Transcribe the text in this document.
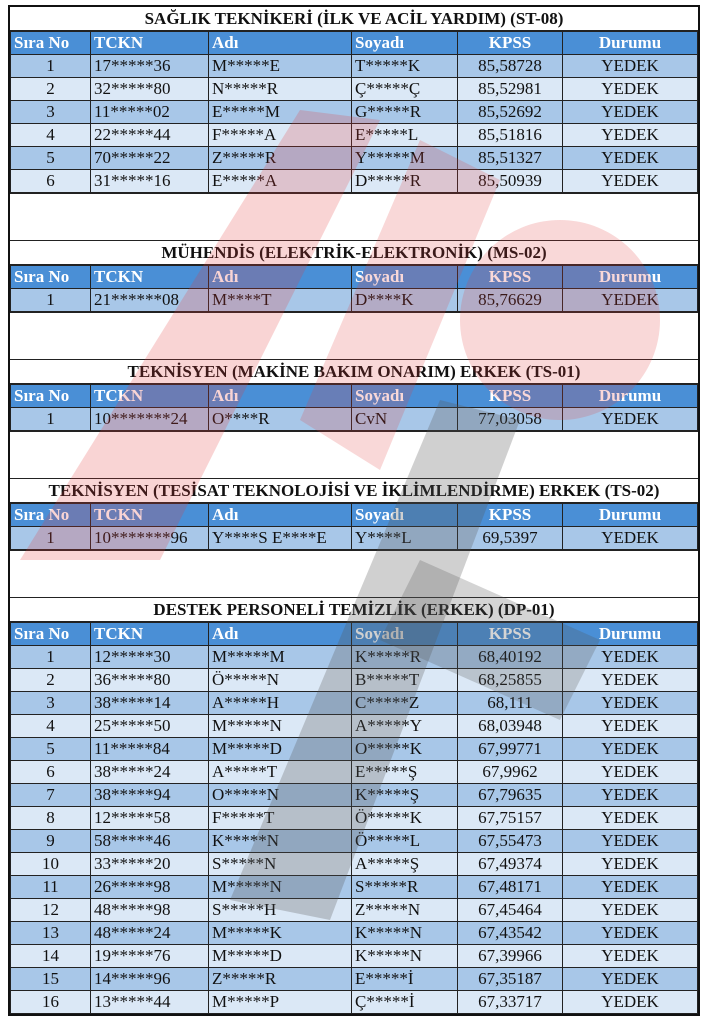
SAĞLIK TEKNİKERİ (İLK VE ACİL YARDIM) (ST-08)
Sıra No	TCKN	Adı	Soyadı	KPSS	Durumu
1	17*****36	M*****E	T*****K	85,58728	YEDEK
2	32*****80	N*****R	Ç*****Ç	85,52981	YEDEK
3	11*****02	E*****M	G*****R	85,52692	YEDEK
4	22*****44	F*****A	E*****L	85,51816	YEDEK
5	70*****22	Z*****R	Y*****M	85,51327	YEDEK
6	31*****16	E*****A	D*****R	85,50939	YEDEK
MÜHENDİS (ELEKTRİK-ELEKTRONİK) (MS-02)
Sıra No	TCKN	Adı	Soyadı	KPSS	Durumu
1	21******08	M****T	D****K	85,76629	YEDEK
TEKNİSYEN (MAKİNE BAKIM ONARIM) ERKEK (TS-01)
Sıra No	TCKN	Adı	Soyadı	KPSS	Durumu
1	10*******24	O****R	CvN	77,03058	YEDEK
TEKNİSYEN (TESİSAT TEKNOLOJİSİ VE İKLİMLENDİRME) ERKEK (TS-02)
Sıra No	TCKN	Adı	Soyadı	KPSS	Durumu
1	10*******96	Y****S E****E	Y****L	69,5397	YEDEK
DESTEK PERSONELİ TEMİZLİK (ERKEK) (DP-01)
Sıra No	TCKN	Adı	Soyadı	KPSS	Durumu
1	12*****30	M*****M	K*****R	68,40192	YEDEK
2	36*****80	Ö*****N	B*****T	68,25855	YEDEK
3	38*****14	A*****H	C*****Z	68,111	YEDEK
4	25*****50	M*****N	A*****Y	68,03948	YEDEK
5	11*****84	M*****D	O*****K	67,99771	YEDEK
6	38*****24	A*****T	E*****Ş	67,9962	YEDEK
7	38*****94	O*****N	K*****Ş	67,79635	YEDEK
8	12*****58	F*****T	Ö*****K	67,75157	YEDEK
9	58*****46	K*****N	Ö*****L	67,55473	YEDEK
10	33*****20	S*****N	A*****Ş	67,49374	YEDEK
11	26*****98	M*****N	S*****R	67,48171	YEDEK
12	48*****98	S*****H	Z*****N	67,45464	YEDEK
13	48*****24	M*****K	K*****N	67,43542	YEDEK
14	19*****76	M*****D	K*****N	67,39966	YEDEK
15	14*****96	Z*****R	E*****İ	67,35187	YEDEK
16	13*****44	M*****P	Ç*****İ	67,33717	YEDEK
